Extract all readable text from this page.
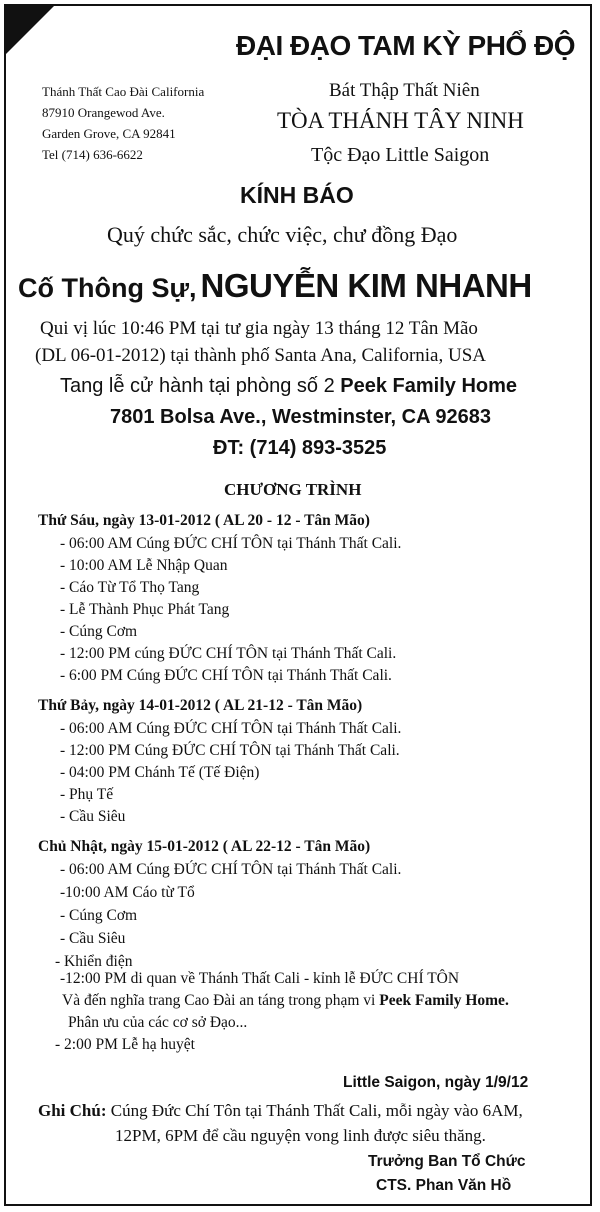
ĐẠI ĐẠO TAM KỲ PHỔ ĐỘ
Bát Thập Thất Niên
TÒA THÁNH TÂY NINH
Tộc Đạo Little Saigon
Thánh Thất Cao Đài California
87910 Orangewod Ave.
Garden Grove, CA 92841
Tel (714) 636-6622
KÍNH BÁO
Quý chức sắc, chức việc, chư đồng Đạo
Cố Thông Sự, NGUYỄN KIM NHANH
Qui vị lúc 10:46 PM tại tư gia ngày 13 tháng 12 Tân Mão
(DL 06-01-2012) tại thành phố Santa Ana, California, USA
Tang lễ cử hành tại phòng số 2 Peek Family Home
7801 Bolsa Ave., Westminster, CA 92683
ĐT: (714) 893-3525
CHƯƠNG TRÌNH
Thứ Sáu, ngày 13-01-2012 ( AL 20 - 12 - Tân Mão)
- 06:00 AM Cúng ĐỨC CHÍ TÔN tại Thánh Thất Cali.
- 10:00 AM Lễ Nhập Quan
- Cáo Từ Tổ Thọ Tang
- Lễ Thành Phục Phát Tang
- Cúng Cơm
- 12:00 PM cúng ĐỨC CHÍ TÔN tại Thánh Thất Cali.
- 6:00 PM Cúng ĐỨC CHÍ TÔN tại Thánh Thất Cali.
Thứ Bảy, ngày 14-01-2012 ( AL 21-12 - Tân Mão)
- 06:00 AM Cúng ĐỨC CHÍ TÔN tại Thánh Thất Cali.
- 12:00 PM Cúng ĐỨC CHÍ TÔN tại Thánh Thất Cali.
- 04:00 PM Chánh Tế (Tế Điện)
- Phụ Tế
- Cầu Siêu
Chủ Nhật, ngày 15-01-2012 ( AL 22-12 - Tân Mão)
- 06:00 AM Cúng ĐỨC CHÍ TÔN tại Thánh Thất Cali.
-10:00 AM Cáo từ Tổ
- Cúng Cơm
- Cầu Siêu
- Khiển điện
-12:00 PM di quan về Thánh Thất Cali - kỉnh lễ ĐỨC CHÍ TÔN
Và đến nghĩa trang Cao Đài an táng trong phạm vi Peek Family Home.
Phân ưu của các cơ sở Đạo...
- 2:00 PM Lễ hạ huyệt
Little Saigon, ngày 1/9/12
Ghi Chú: Cúng Đức Chí Tôn tại Thánh Thất Cali, mỗi ngày vào 6AM,
12PM, 6PM để cầu nguyện vong linh được siêu thăng.
Trưởng Ban Tổ Chức
CTS. Phan Văn Hồ
